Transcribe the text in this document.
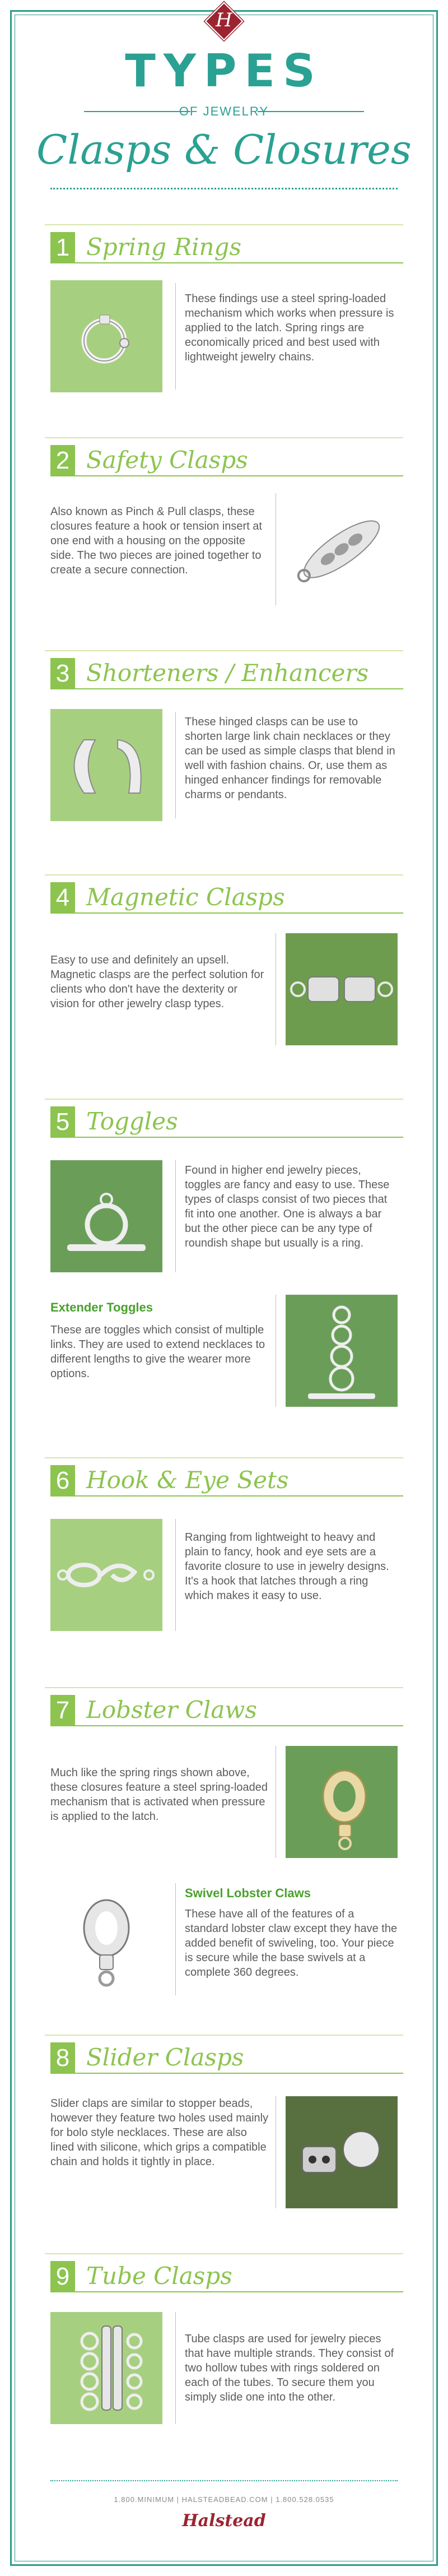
H
TYPES
OF JEWELRY
Clasps & Closures
1 Spring Rings
These findings use a steel spring-loaded mechanism which works when pressure is applied to the latch. Spring rings are economically priced and best used with lightweight jewelry chains.
2 Safety Clasps
Also known as Pinch & Pull clasps, these closures feature a hook or tension insert at one end with a housing on the opposite side. The two pieces are joined together to create a secure connection.
3 Shorteners / Enhancers
These hinged clasps can be use to shorten large link chain necklaces or they can be used as simple clasps that blend in well with fashion chains. Or, use them as hinged enhancer findings for removable charms or pendants.
4 Magnetic Clasps
Easy to use and definitely an upsell. Magnetic clasps are the perfect solution for clients who don't have the dexterity or vision for other jewelry clasp types.
5 Toggles
Found in higher end jewelry pieces, toggles are fancy and easy to use. These types of clasps consist of two pieces that fit into one another. One is always a bar but the other piece can be any type of roundish shape but usually is a ring.
Extender Toggles
These are toggles which consist of multiple links. They are used to extend necklaces to different lengths to give the wearer more options.
6 Hook & Eye Sets
Ranging from lightweight to heavy and plain to fancy, hook and eye sets are a favorite closure to use in jewelry designs. It's a hook that latches through a ring which makes it easy to use.
7 Lobster Claws
Much like the spring rings shown above, these closures feature a steel spring-loaded mechanism that is activated when pressure is applied to the latch.
Swivel Lobster Claws
These have all of the features of a standard lobster claw except they have the added benefit of swiveling, too. Your piece is secure while the base swivels at a complete 360 degrees.
8 Slider Clasps
Slider claps are similar to stopper beads, however they feature two holes used mainly for bolo style necklaces. These are also lined with silicone, which grips a compatible chain and holds it tightly in place.
9 Tube Clasps
Tube clasps are used for jewelry pieces that have multiple strands. They consist of two hollow tubes with rings soldered on each of the tubes. To secure them you simply slide one into the other.
1.800.MINIMUM | HALSTEADBEAD.COM | 1.800.528.0535
Halstead
